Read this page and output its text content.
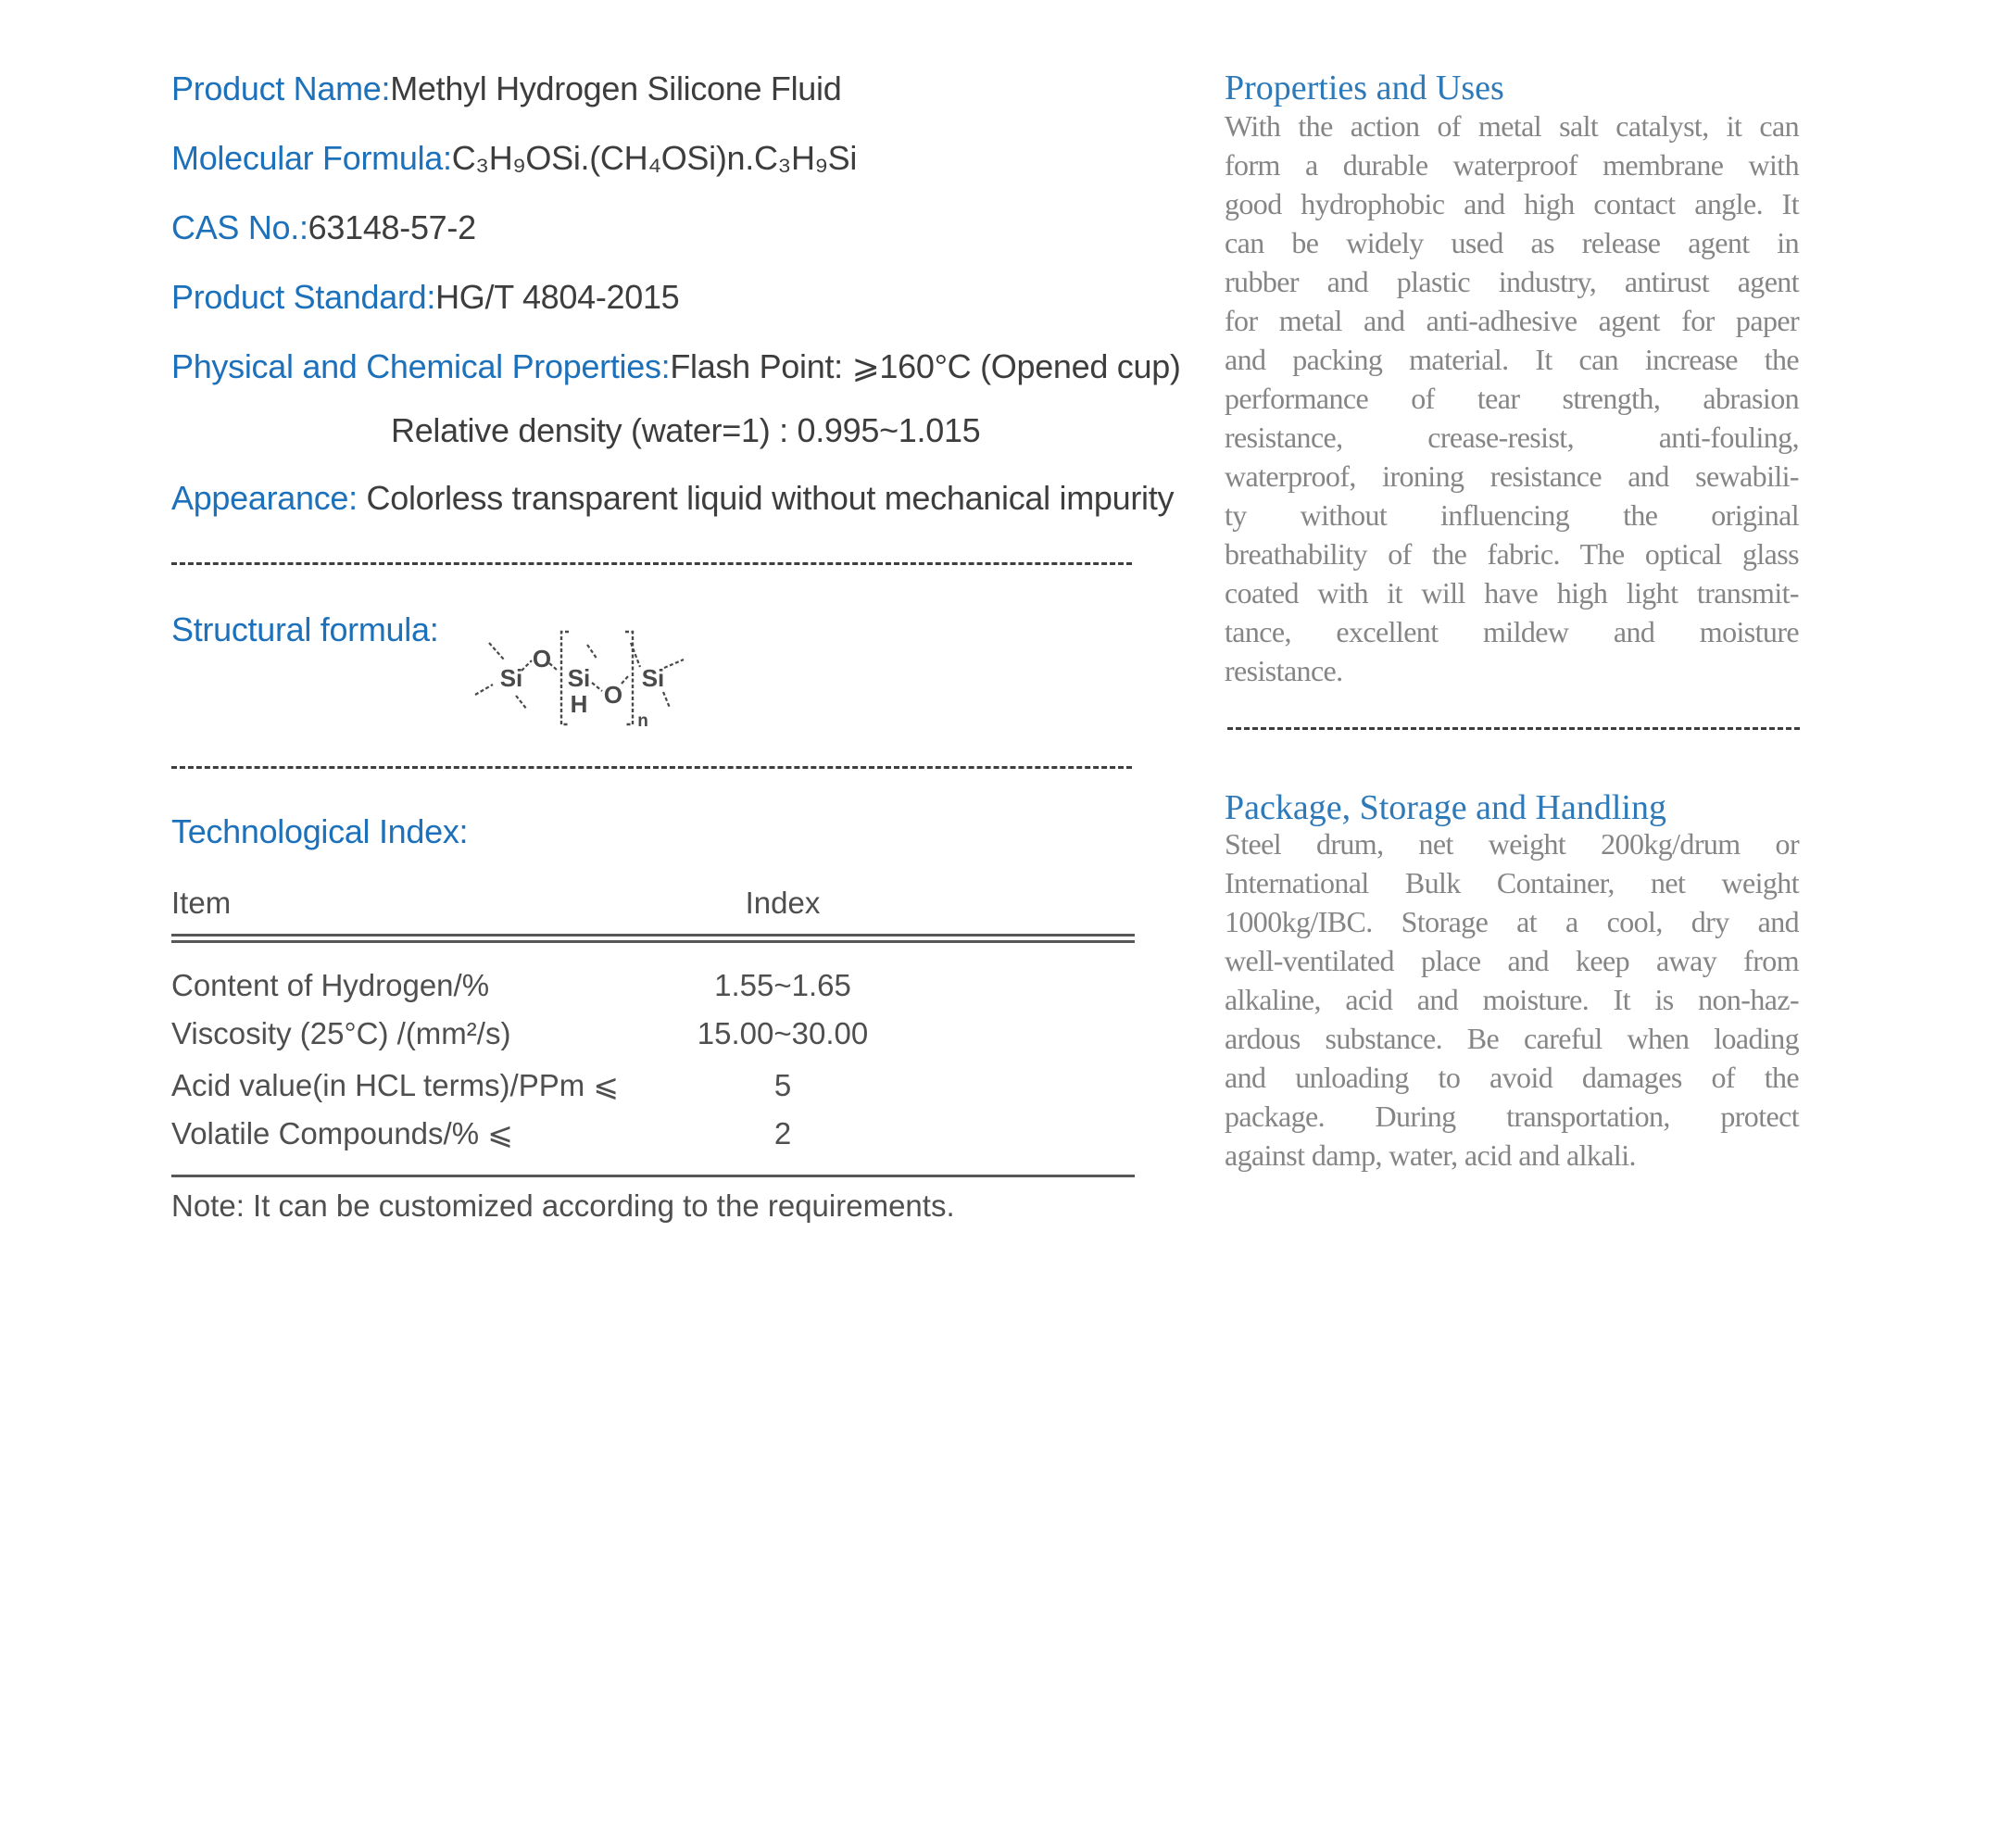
Product Name:Methyl Hydrogen Silicone Fluid
Molecular Formula:C₃H₉OSi.(CH₄OSi)n.C₃H₉Si
CAS No.:63148-57-2
Product Standard:HG/T 4804-2015
Physical and Chemical Properties:Flash Point: ⩾160°C (Opened cup)
Relative density (water=1) : 0.995~1.015
Appearance: Colorless transparent liquid without mechanical impurity
Structural formula:
Si
O
Si
H O
Si
n
Technological Index:
Item	Index
Content of Hydrogen/%	1.55~1.65
Viscosity (25°C) /(mm²/s)	15.00~30.00
Acid value(in HCL terms)/PPm ⩽	5
Volatile Compounds/% ⩽	2
Note: It can be customized according to the requirements.
Properties and Uses
With the action of metal salt catalyst, it can
form a durable waterproof membrane with
good hydrophobic and high contact angle. It
can be widely used as release agent in
rubber and plastic industry, antirust agent
for metal and anti-adhesive agent for paper
and packing material. It can increase the
performance of tear strength, abrasion
resistance, crease-resist, anti-fouling,
waterproof, ironing resistance and sewabili-
ty without influencing the original
breathability of the fabric. The optical glass
coated with it will have high light transmit-
tance, excellent mildew and moisture
resistance.
Package, Storage and Handling
Steel drum, net weight 200kg/drum or
International Bulk Container, net weight
1000kg/IBC. Storage at a cool, dry and
well-ventilated place and keep away from
alkaline, acid and moisture. It is non-haz-
ardous substance. Be careful when loading
and unloading to avoid damages of the
package. During transportation, protect
against damp, water, acid and alkali.
